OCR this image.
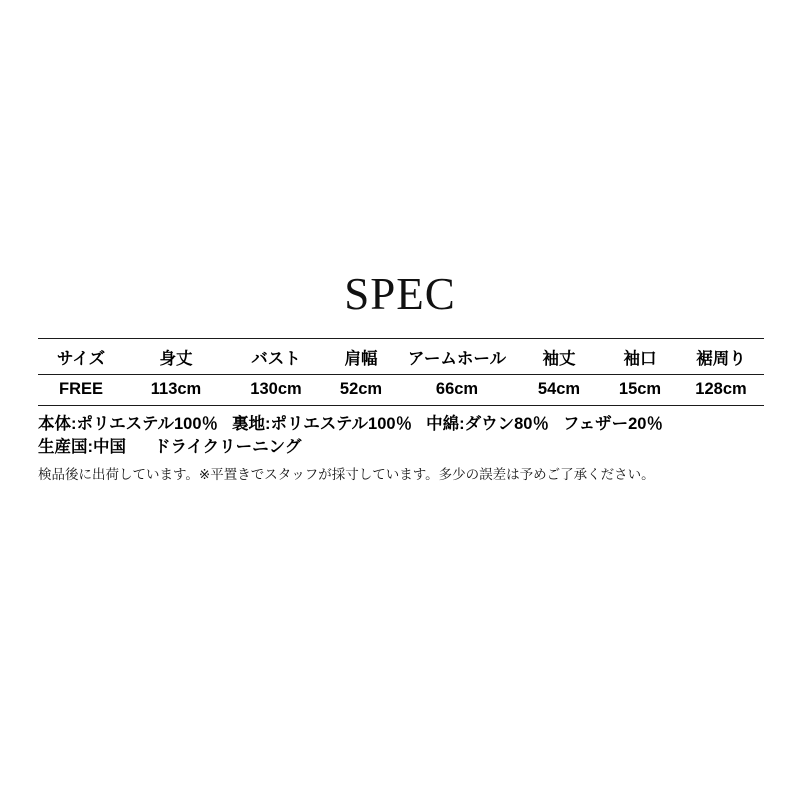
SPEC
サイズ	身丈	バスト	肩幅	アームホール	袖丈	袖口	裾周り
FREE	113cm	130cm	52cm	66cm	54cm	15cm	128cm
本体:ポリエステル100％ 裏地:ポリエステル100％ 中綿:ダウン80％ フェザー20％
生産国:中国 ドライクリーニング
検品後に出荷しています。※平置きでスタッフが採寸しています。多少の誤差は予めご了承ください。
